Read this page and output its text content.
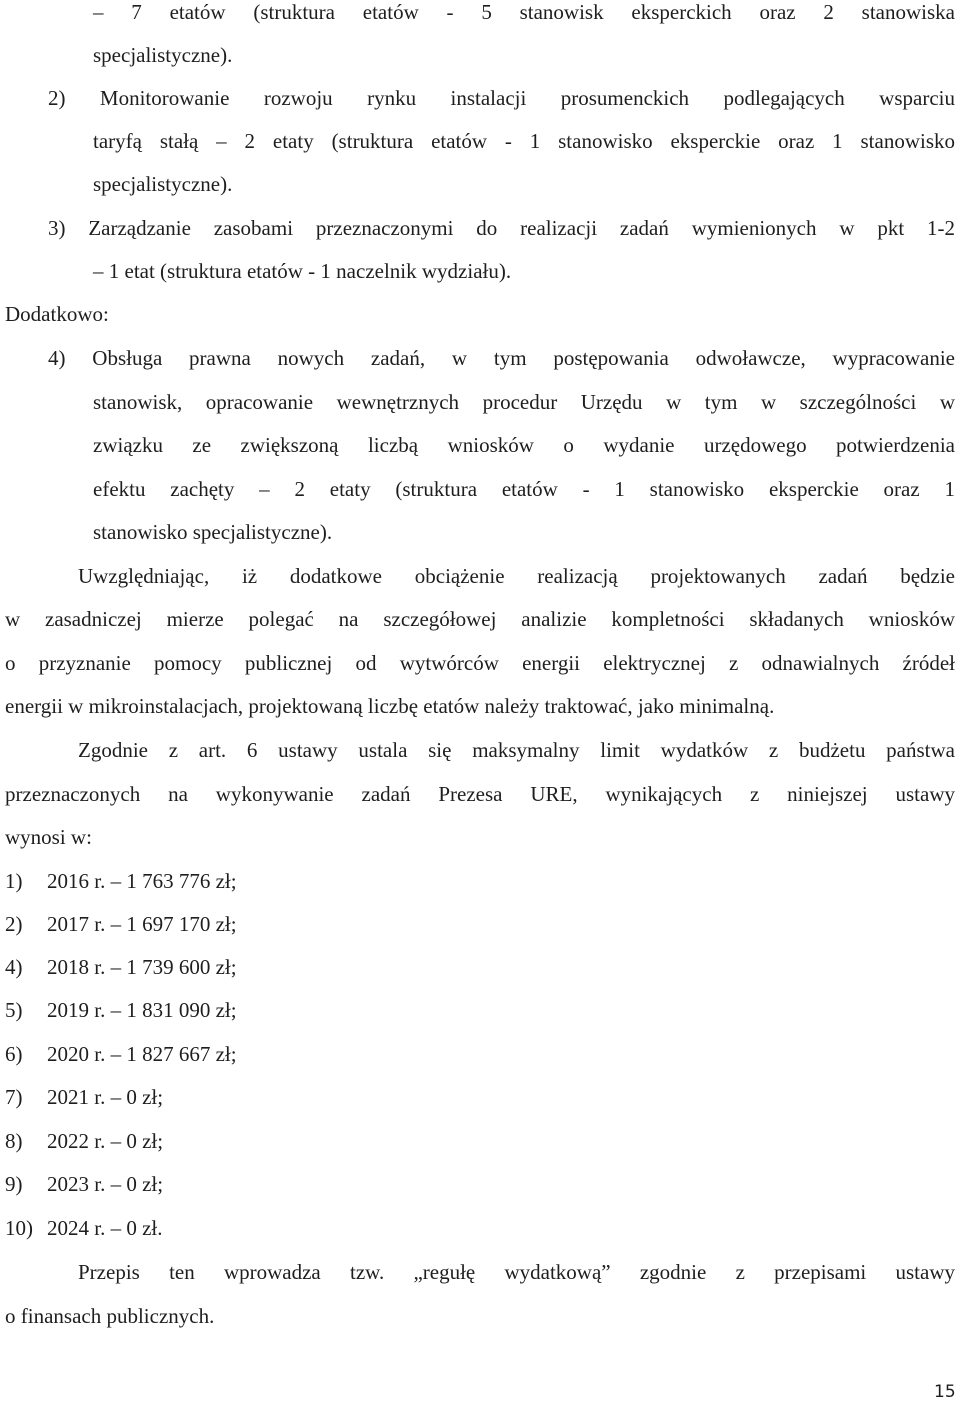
– 7 etatów (struktura etatów - 5 stanowisk eksperckich oraz 2 stanowiska
specjalistyczne).
2) Monitorowanie rozwoju rynku instalacji prosumenckich podlegających wsparciu
taryfą stałą – 2 etaty (struktura etatów - 1 stanowisko eksperckie oraz 1 stanowisko
specjalistyczne).
3) Zarządzanie zasobami przeznaczonymi do realizacji zadań wymienionych w pkt 1-2
– 1 etat (struktura etatów - 1 naczelnik wydziału).
Dodatkowo:
4) Obsługa prawna nowych zadań, w tym postępowania odwoławcze, wypracowanie
stanowisk, opracowanie wewnętrznych procedur Urzędu w tym w szczególności w
związku ze zwiększoną liczbą wniosków o wydanie urzędowego potwierdzenia
efektu zachęty – 2 etaty (struktura etatów - 1 stanowisko eksperckie oraz 1
stanowisko specjalistyczne).
Uwzględniając, iż dodatkowe obciążenie realizacją projektowanych zadań będzie
w zasadniczej mierze polegać na szczegółowej analizie kompletności składanych wniosków
o przyznanie pomocy publicznej od wytwórców energii elektrycznej z odnawialnych źródeł
energii w mikroinstalacjach, projektowaną liczbę etatów należy traktować, jako minimalną.
Zgodnie z art. 6 ustawy ustala się maksymalny limit wydatków z budżetu państwa
przeznaczonych na wykonywanie zadań Prezesa URE, wynikających z niniejszej ustawy
wynosi w:
1) 2016 r. – 1 763 776 zł;
2) 2017 r. – 1 697 170 zł;
4) 2018 r. – 1 739 600 zł;
5) 2019 r. – 1 831 090 zł;
6) 2020 r. – 1 827 667 zł;
7) 2021 r. – 0 zł;
8) 2022 r. – 0 zł;
9) 2023 r. – 0 zł;
10) 2024 r. – 0 zł.
Przepis ten wprowadza tzw. „regułę wydatkową” zgodnie z przepisami ustawy
o finansach publicznych.
15
